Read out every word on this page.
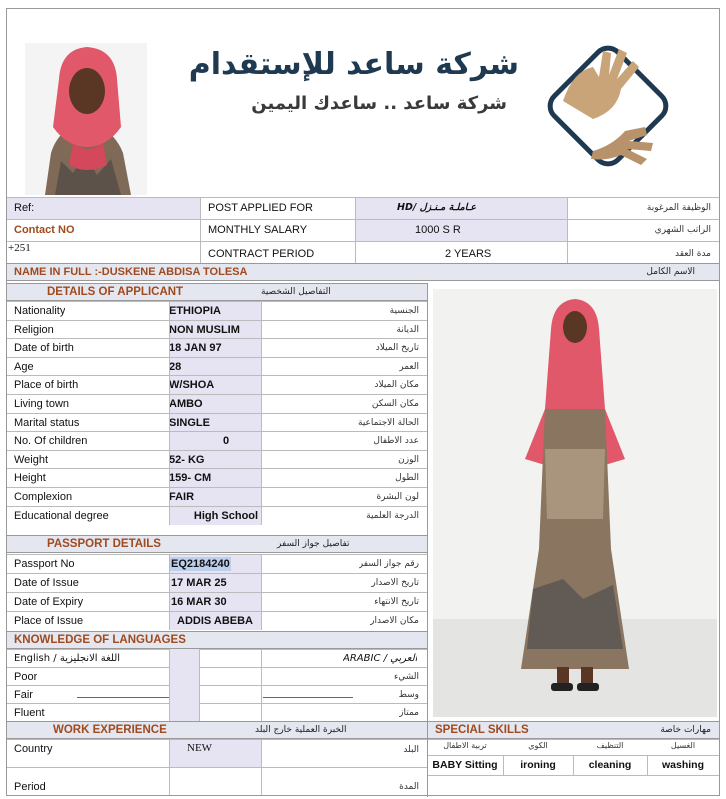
شركة ساعد للإستقدام
شركة ساعد .. ساعدك اليمين
Ref:	POST APPLIED FOR	HD/ عـاملـة مـنـزل	الوظيفة المرغوبة
Contact NO	MONTHLY SALARY	1000 S R	الراتب الشهري
+251	CONTRACT PERIOD	2 YEARS	مدة العقد
NAME IN FULL :-DUSKENE ABDISA TOLESA	الاسم الكامل
DETAILS OF APPLICANT	التفاصيل الشخصية
Nationality	ETHIOPIA	الجنسية
Religion	NON MUSLIM	الديانة
Date of birth	18 JAN 97	تاريخ الميلاد
Age	28	العمر
Place of birth	W/SHOA	مكان الميلاد
Living town	AMBO	مكان السكن
Marital status	SINGLE	الحالة الاجتماعية
No. Of children	0	عدد الاطفال
Weight	52- KG	الوزن
Height	159- CM	الطول
Complexion	FAIR	لون البشرة
Educational degree	High School	الدرجة العلمية
PASSPORT DETAILS	تفاصيل جواز السفر
Passport No	EQ2184240	رقم جواز السفر
Date of Issue	17 MAR 25	تاريخ الاصدار
Date of Expiry	16 MAR 30	تاريخ الانتهاء
Place of Issue	ADDIS ABEBA	مكان الاصدار
KNOWLEDGE OF LANGUAGES
English / اللغة الانجليزية	ARABIC / العربي
Poor	الشيء
Fair	وسط
Fluent	ممتاز
WORK EXPERIENCE	الخبرة العملية خارج البلد
Country	NEW	البلد
Period	المدة
SPECIAL SKILLS	مهارات خاصة
تربية الاطفال	الكوي	التنظيف	الغسيل
BABY Sitting	ironing	cleaning	washing
